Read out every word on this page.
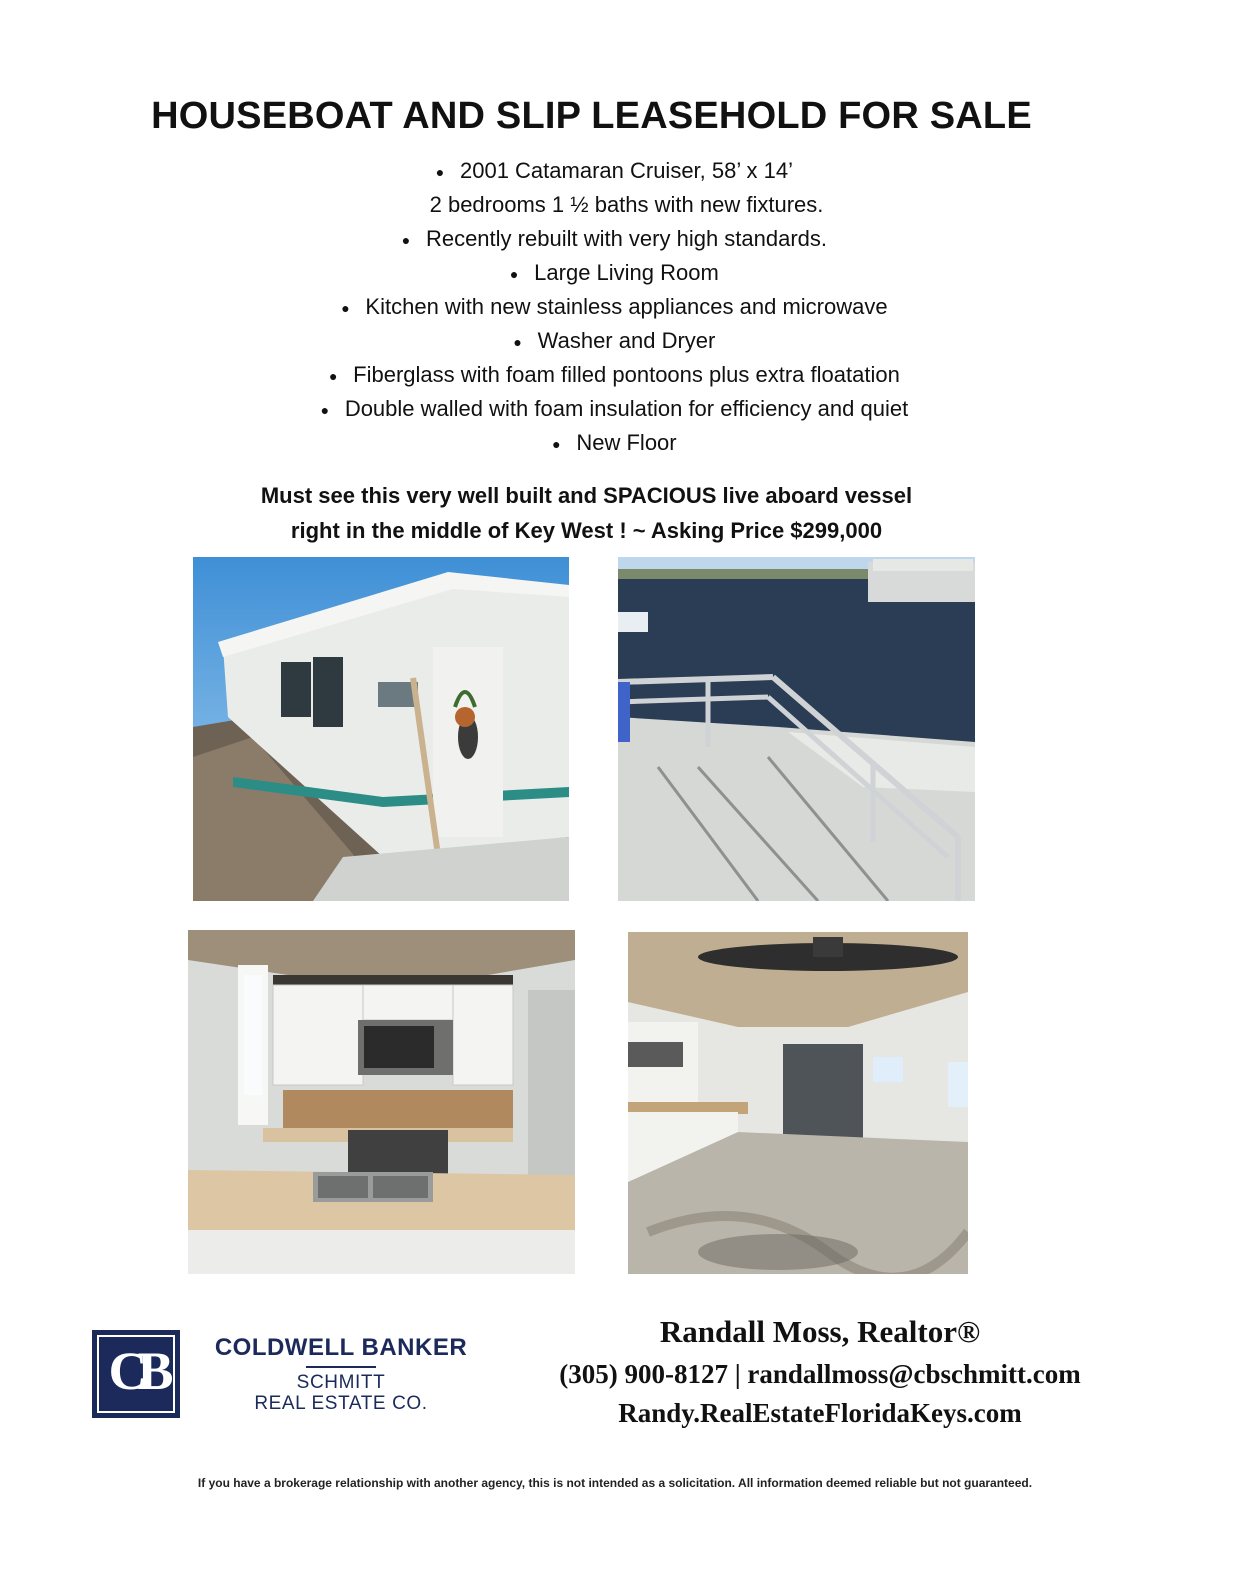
HOUSEBOAT AND SLIP LEASEHOLD FOR SALE
● 2001 Catamaran Cruiser, 58’ x 14’
2 bedrooms 1 ½ baths with new fixtures.
● Recently rebuilt with very high standards.
● Large Living Room
● Kitchen with new stainless appliances and microwave
● Washer and Dryer
● Fiberglass with foam filled pontoons plus extra floatation
● Double walled with foam insulation for efficiency and quiet
● New Floor
Must see this very well built and SPACIOUS live aboard vessel
right in the middle of Key West ! ~ Asking Price $299,000
CB	COLDWELL BANKER
SCHMITT
REAL ESTATE CO.
Randall Moss, Realtor®
(305) 900-8127 | randallmoss@cbschmitt.com
Randy.RealEstateFloridaKeys.com
If you have a brokerage relationship with another agency, this is not intended as a solicitation. All information deemed reliable but not guaranteed.
